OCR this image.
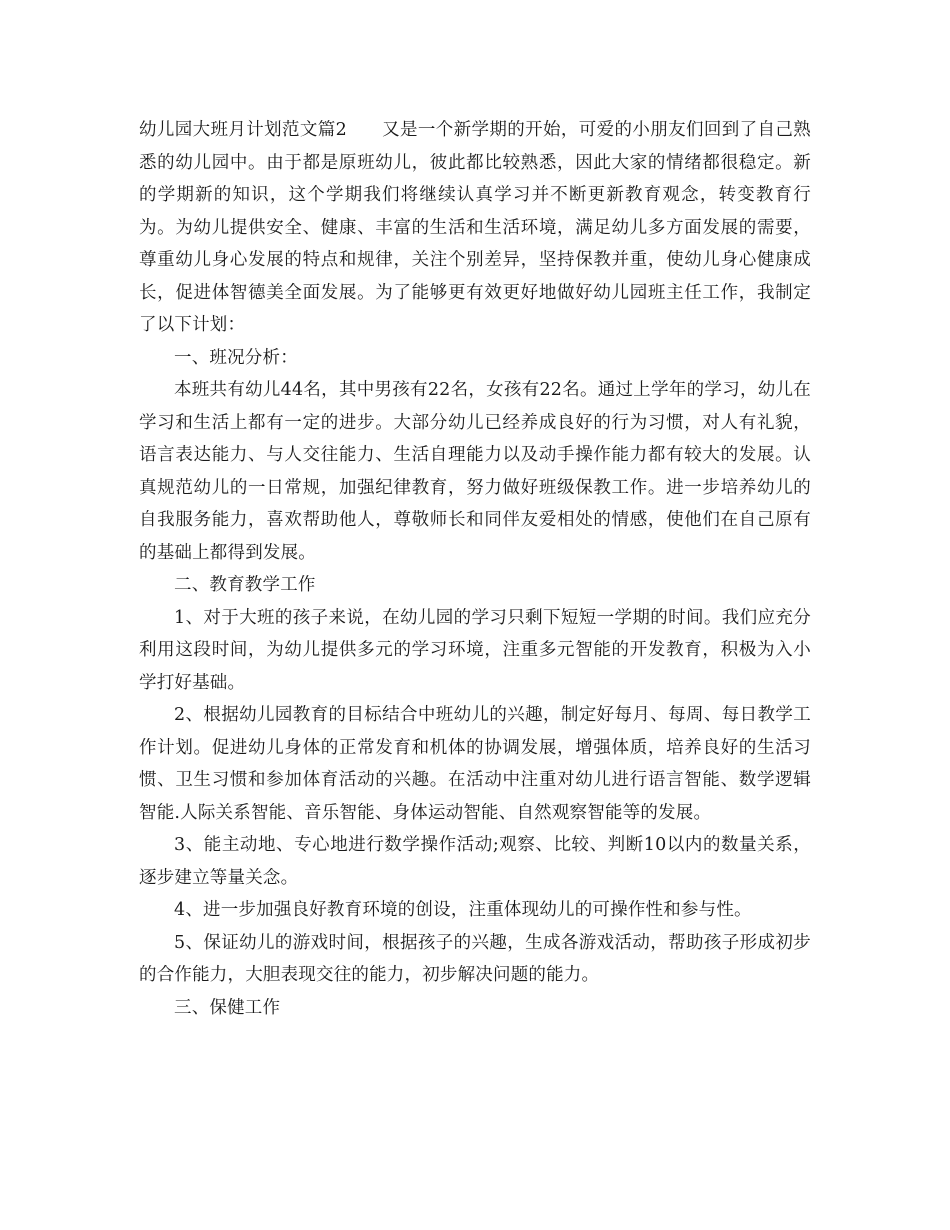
幼儿园大班月计划范文篇2 又是一个新学期的开始，可爱的小朋友们回到了自己熟悉的幼儿园中。由于都是原班幼儿，彼此都比较熟悉，因此大家的情绪都很稳定。新的学期新的知识，这个学期我们将继续认真学习并不断更新教育观念，转变教育行为。为幼儿提供安全、健康、丰富的生活和生活环境，满足幼儿多方面发展的需要，尊重幼儿身心发展的特点和规律，关注个别差异，坚持保教并重，使幼儿身心健康成长，促进体智德美全面发展。为了能够更有效更好地做好幼儿园班主任工作，我制定了以下计划：

一、班况分析：

本班共有幼儿44名，其中男孩有22名，女孩有22名。通过上学年的学习，幼儿在学习和生活上都有一定的进步。大部分幼儿已经养成良好的行为习惯，对人有礼貌，语言表达能力、与人交往能力、生活自理能力以及动手操作能力都有较大的发展。认真规范幼儿的一日常规，加强纪律教育，努力做好班级保教工作。进一步培养幼儿的自我服务能力，喜欢帮助他人，尊敬师长和同伴友爱相处的情感，使他们在自己原有的基础上都得到发展。

二、教育教学工作

1、对于大班的孩子来说，在幼儿园的学习只剩下短短一学期的时间。我们应充分利用这段时间，为幼儿提供多元的学习环境，注重多元智能的开发教育，积极为入小学打好基础。

2、根据幼儿园教育的目标结合中班幼儿的兴趣，制定好每月、每周、每日教学工作计划。促进幼儿身体的正常发育和机体的协调发展，增强体质，培养良好的生活习惯、卫生习惯和参加体育活动的兴趣。在活动中注重对幼儿进行语言智能、数学逻辑智能.人际关系智能、音乐智能、身体运动智能、自然观察智能等的发展。

3、能主动地、专心地进行数学操作活动;观察、比较、判断10以内的数量关系，逐步建立等量关念。

4、进一步加强良好教育环境的创设，注重体现幼儿的可操作性和参与性。

5、保证幼儿的游戏时间，根据孩子的兴趣，生成各游戏活动，帮助孩子形成初步的合作能力，大胆表现交往的能力，初步解决问题的能力。

三、保健工作
